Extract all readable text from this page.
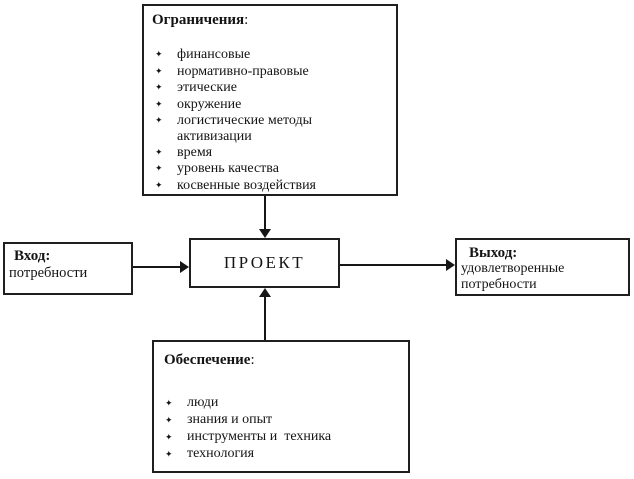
Ограничения:
✦	финансовые
✦	нормативно-правовые
✦	этические
✦	окружение
✦	логистические методы активизации
✦	время
✦	уровень качества
✦	косвенные воздействия
Вход:
потребности
ПРОЕКТ	Выход:
удовлетворенные потребности
Обеспечение:
✦	люди
✦	знания и опыт
✦	инструменты и  техника
✦	технология
